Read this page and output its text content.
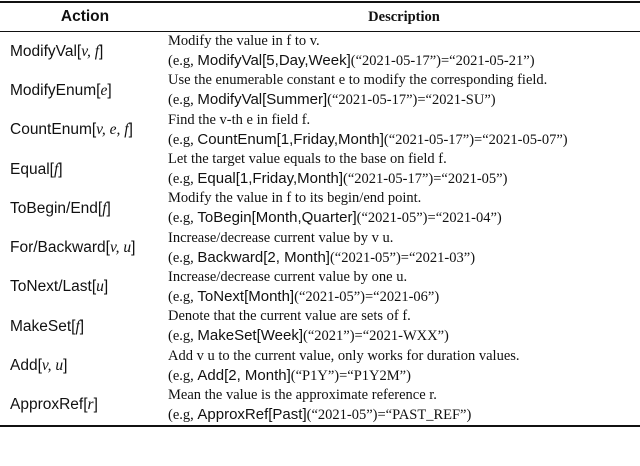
Action	Description
ModifyVal[v, f]
Modify the value in f to v.
(e.g, ModifyVal[5,Day,Week](“2021-05-17”)=“2021-05-21”)
ModifyEnum[e]
Use the enumerable constant e to modify the corresponding field.
(e.g, ModifyVal[Summer](“2021-05-17”)=“2021-SU”)
CountEnum[v, e, f]
Find the v-th e in field f.
(e.g, CountEnum[1,Friday,Month](“2021-05-17”)=“2021-05-07”)
Equal[f]
Let the target value equals to the base on field f.
(e.g, Equal[1,Friday,Month](“2021-05-17”)=“2021-05”)
ToBegin/End[f]
Modify the value in f to its begin/end point.
(e.g, ToBegin[Month,Quarter](“2021-05”)=“2021-04”)
For/Backward[v, u]
Increase/decrease current value by v u.
(e.g, Backward[2, Month](“2021-05”)=“2021-03”)
ToNext/Last[u]
Increase/decrease current value by one u.
(e.g, ToNext[Month](“2021-05”)=“2021-06”)
MakeSet[f]
Denote that the current value are sets of f.
(e.g, MakeSet[Week](“2021”)=“2021-WXX”)
Add[v, u]
Add v u to the current value, only works for duration values.
(e.g, Add[2, Month](“P1Y”)=“P1Y2M”)
ApproxRef[r]
Mean the value is the approximate reference r.
(e.g, ApproxRef[Past](“2021-05”)=“PAST_REF”)
